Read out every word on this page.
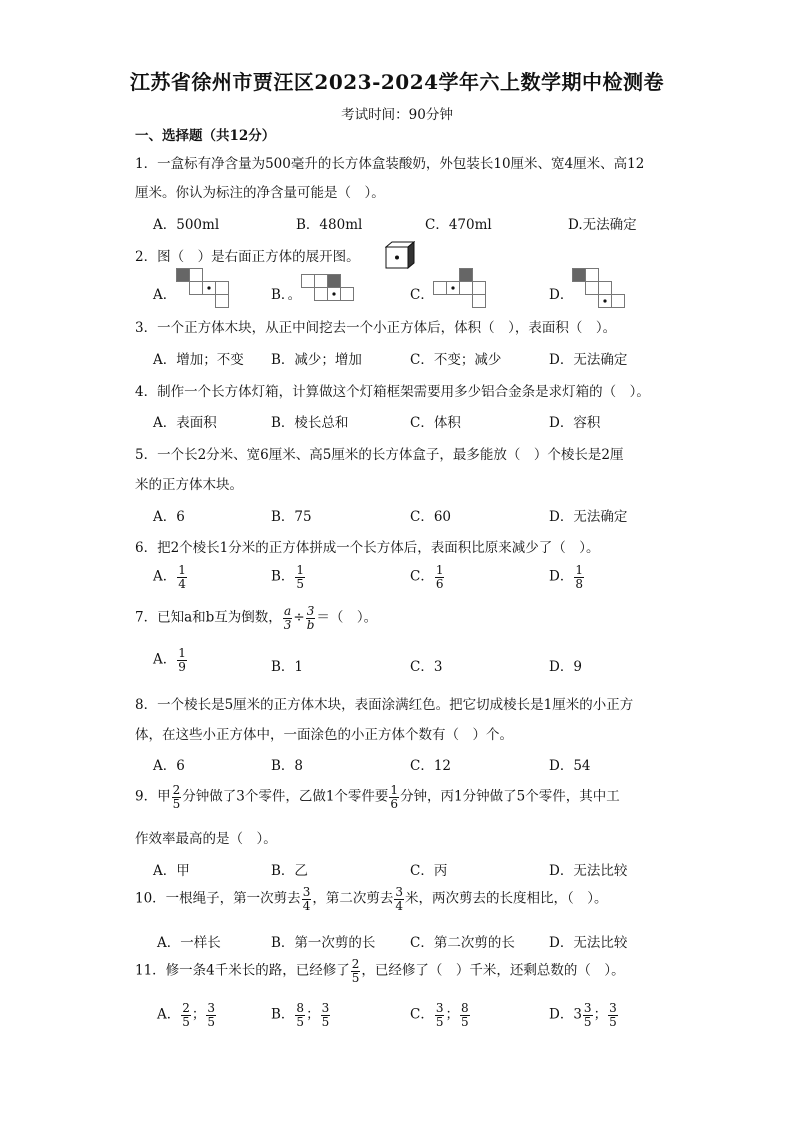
江苏省徐州市贾汪区2023-2024学年六上数学期中检测卷
考试时间：90分钟
一、选择题（共12分）
1．一盒标有净含量为500毫升的长方体盒装酸奶，外包装长10厘米、宽4厘米、高12
厘米。你认为标注的净含量可能是（　）。
A．500ml	B．480ml	C．470ml	D.无法确定
2．图（　）是右面正方体的展开图。
A．	B．。	C．	D．
3．一个正方体木块，从正中间挖去一个小正方体后，体积（　），表面积（　）。
A．增加；不变 B．减少；增加	C．不变；减少	D．无法确定
4．制作一个长方体灯箱，计算做这个灯箱框架需要用多少铝合金条是求灯箱的（　）。
A．表面积	B．棱长总和	C．体积	D．容积
5．一个长2分米、宽6厘米、高5厘米的长方体盒子，最多能放（　）个棱长是2厘
米的正方体木块。
A．6	B．75	C．60	D．无法确定
6．把2个棱长1分米的正方体拼成一个长方体后，表面积比原来减少了（　）。
A． $\frac{1}{4}$	B． $\frac{1}{5}$	C． $\frac{1}{6}$	D． $\frac{1}{8}$
7．已知a和b互为倒数， $\frac{a}{3} \div \frac{3}{b}$ ＝（　）。
A． $\frac{1}{9}$	B．1	C．3	D．9
8．一个棱长是5厘米的正方体木块，表面涂满红色。把它切成棱长是1厘米的小正方
体，在这些小正方体中，一面涂色的小正方体个数有（　）个。
A．6	B．8	C．12	D．54
9．甲 $\frac{2}{5}$ 分钟做了3个零件，乙做1个零件要 $\frac{1}{6}$ 分钟，丙1分钟做了5个零件，其中工
作效率最高的是（　）。
A．甲	B．乙	C．丙	D．无法比较
10．一根绳子，第一次剪去 $\frac{3}{4}$ ，第二次剪去 $\frac{3}{4}$ 米，两次剪去的长度相比，（　）。
A．一样长	B．第一次剪的长	C．第二次剪的长	D．无法比较
11．修一条4千米长的路，已经修了 $\frac{2}{5}$ ，已经修了（　）千米，还剩总数的（　）。
A． $\frac{2}{5}$ ； $\frac{3}{5}$	B． $\frac{8}{5}$ ； $\frac{3}{5}$	C． $\frac{3}{5}$ ； $\frac{8}{5}$	D．$3 \frac{3}{5}$ ； $\frac{3}{5}$
